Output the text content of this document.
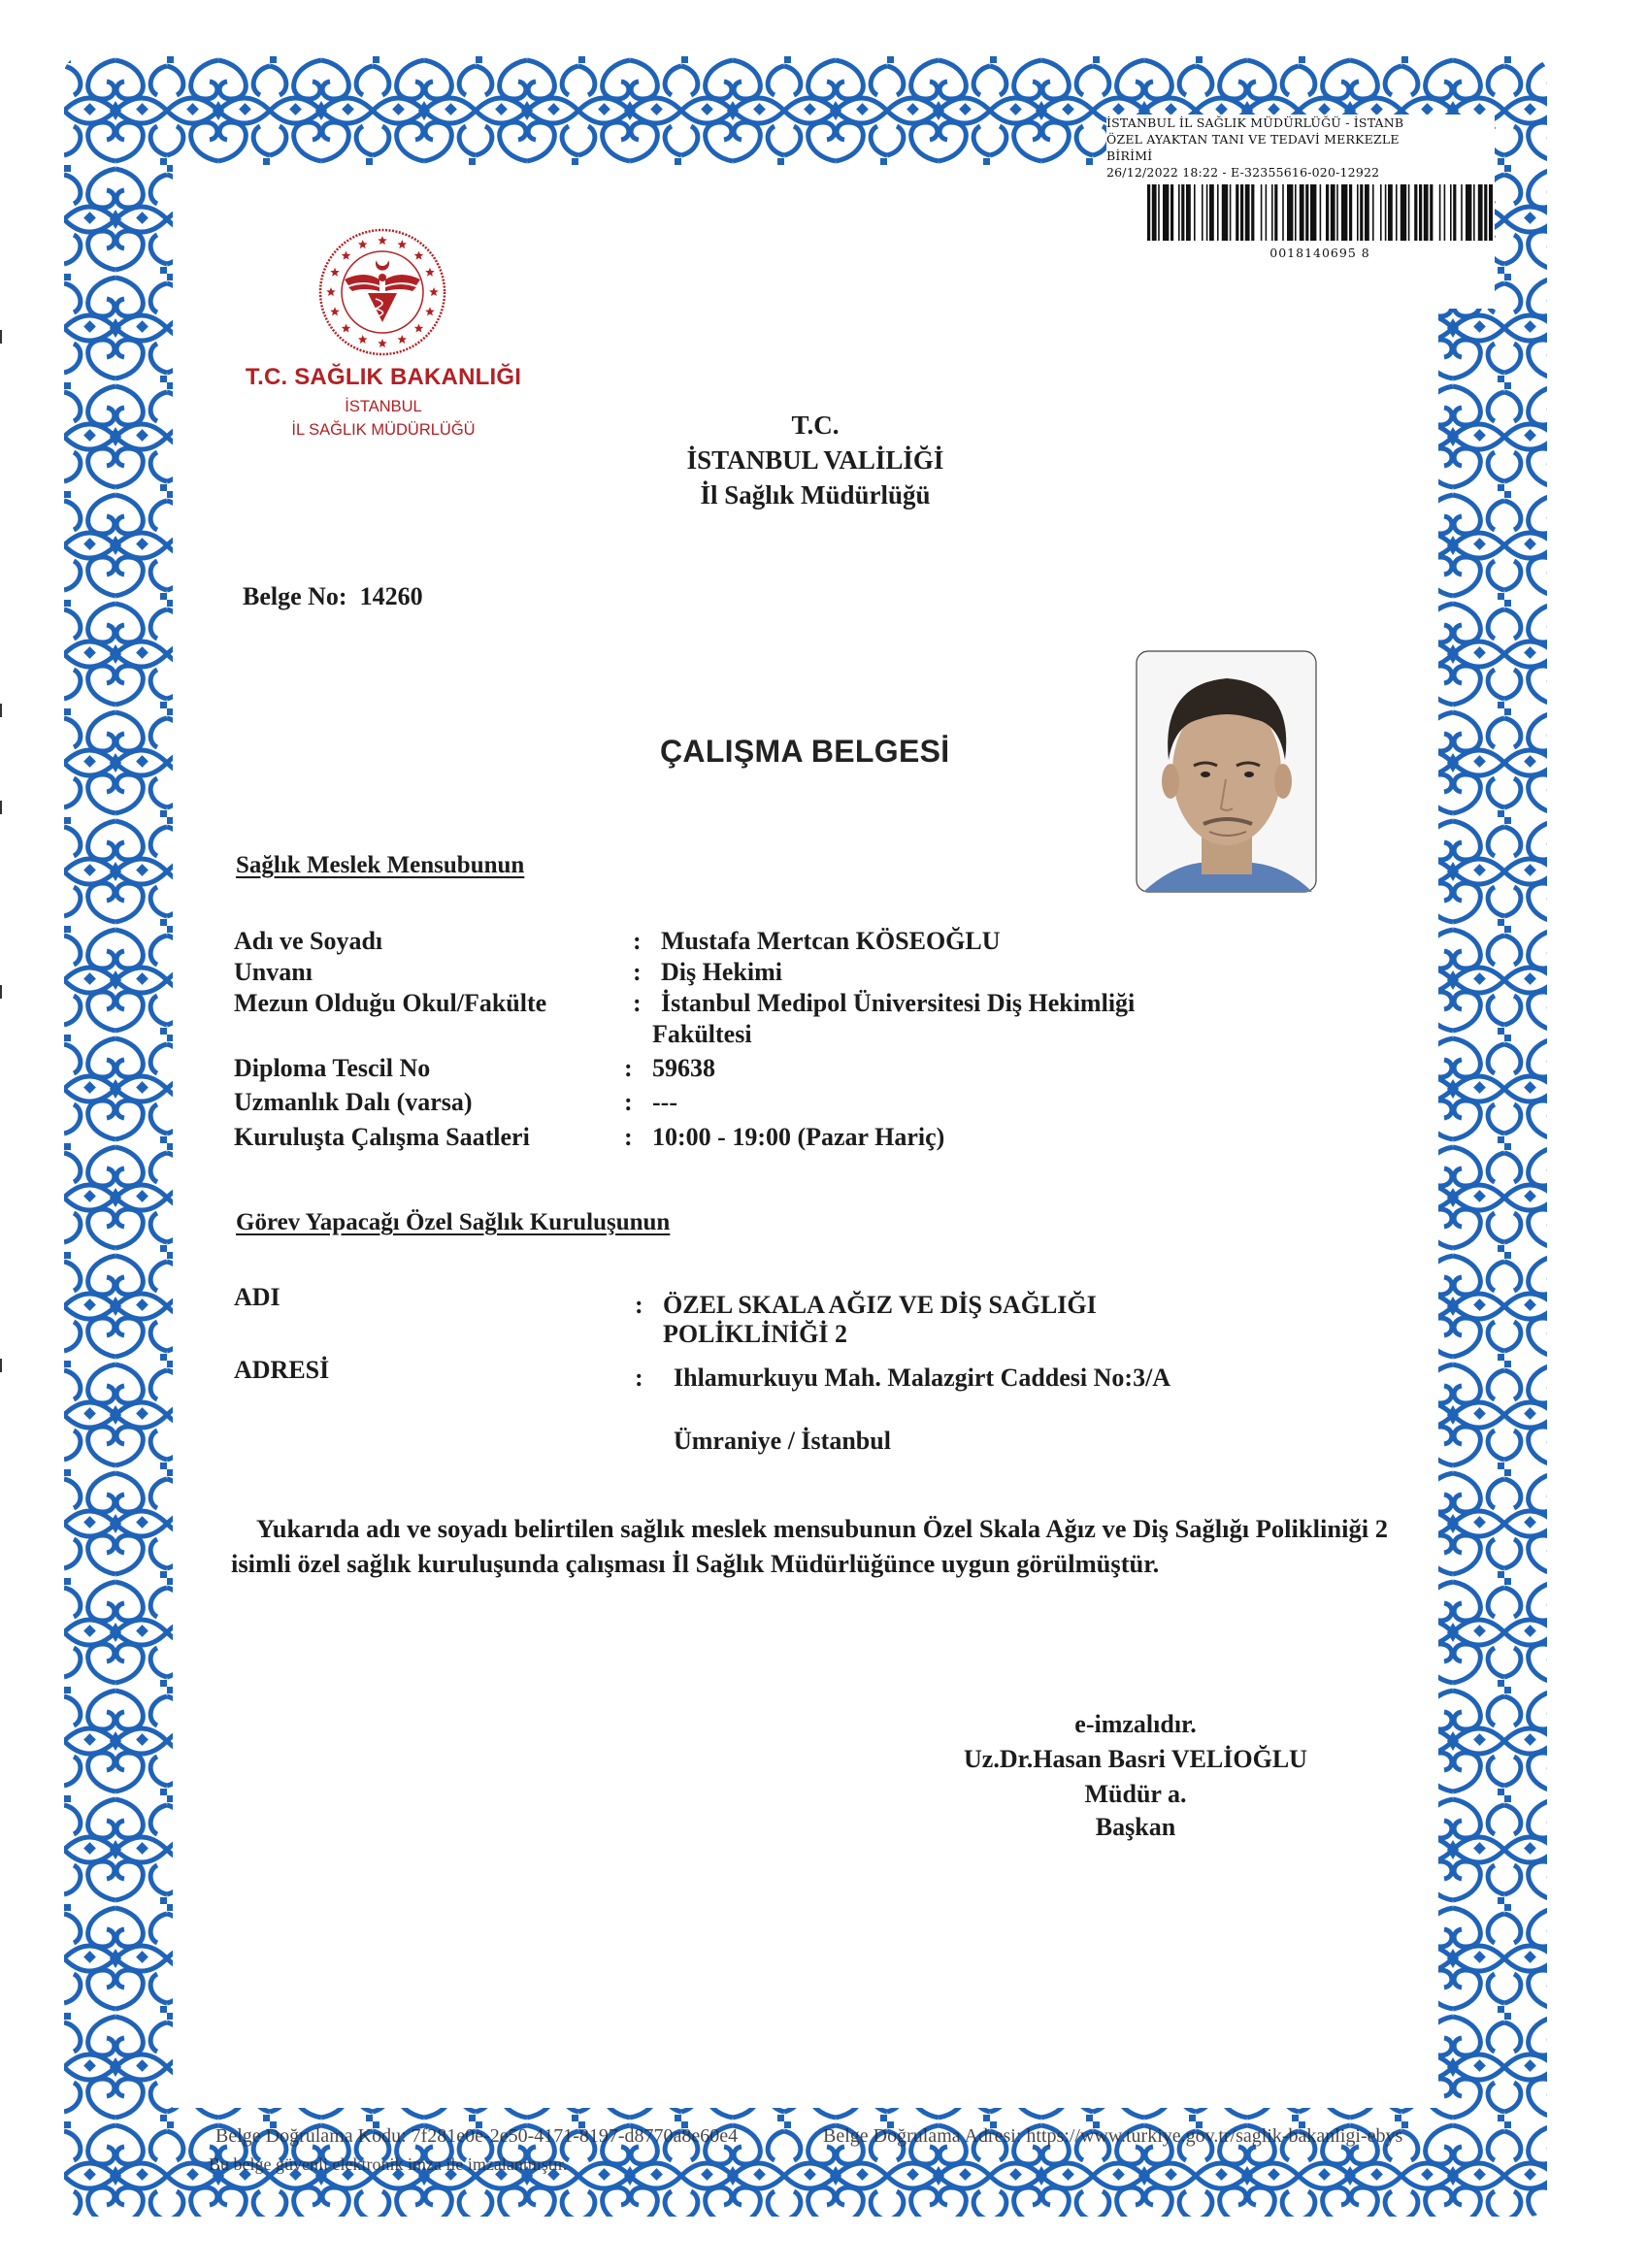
İSTANBUL İL SAĞLIK MÜDÜRLÜĞÜ - İSTANB
ÖZEL AYAKTAN TANI VE TEDAVİ MERKEZLE
BİRİMİ
26/12/2022 18:22 - E-32355616-020-12922
0018140695 8
T.C. SAĞLIK BAKANLIĞI
İSTANBUL
İL SAĞLIK MÜDÜRLÜĞÜ	T.C.
İSTANBUL VALİLİĞİ
İl Sağlık Müdürlüğü
Belge No: 14260
ÇALIŞMA BELGESİ
Sağlık Meslek Mensubunun
Adı ve Soyadı	: Mustafa Mertcan KÖSEOĞLU
Unvanı	: Diş Hekimi
Mezun Olduğu Okul/Fakülte	: İstanbul Medipol Üniversitesi Diş Hekimliği
Fakültesi
Diploma Tescil No	: 59638
Uzmanlık Dalı (varsa)	: ---
Kuruluşta Çalışma Saatleri	: 10:00 - 19:00 (Pazar Hariç)
Görev Yapacağı Özel Sağlık Kuruluşunun
ADI	: ÖZEL SKALA AĞIZ VE DİŞ SAĞLIĞI
POLİKLİNİĞİ 2
ADRESİ	: Ihlamurkuyu Mah. Malazgirt Caddesi No:3/A
Ümraniye / İstanbul
Yukarıda adı ve soyadı belirtilen sağlık meslek mensubunun Özel Skala Ağız ve Diş Sağlığı Polikliniği 2 isimli özel sağlık kuruluşunda çalışması İl Sağlık Müdürlüğünce uygun görülmüştür.
e-imzalıdır.
Uz.Dr.Hasan Basri VELİOĞLU
Müdür a.
Başkan
Belge Doğrulama Kodu: 7f281e0e-2e50-4171-8197-d8770a8e60e4	Belge Doğrulama Adresi: https://www.turkiye.gov.tr/saglik-bakanligi-ebys
Bu belge güvenli elektronik imza ile imzalanmıştır.
